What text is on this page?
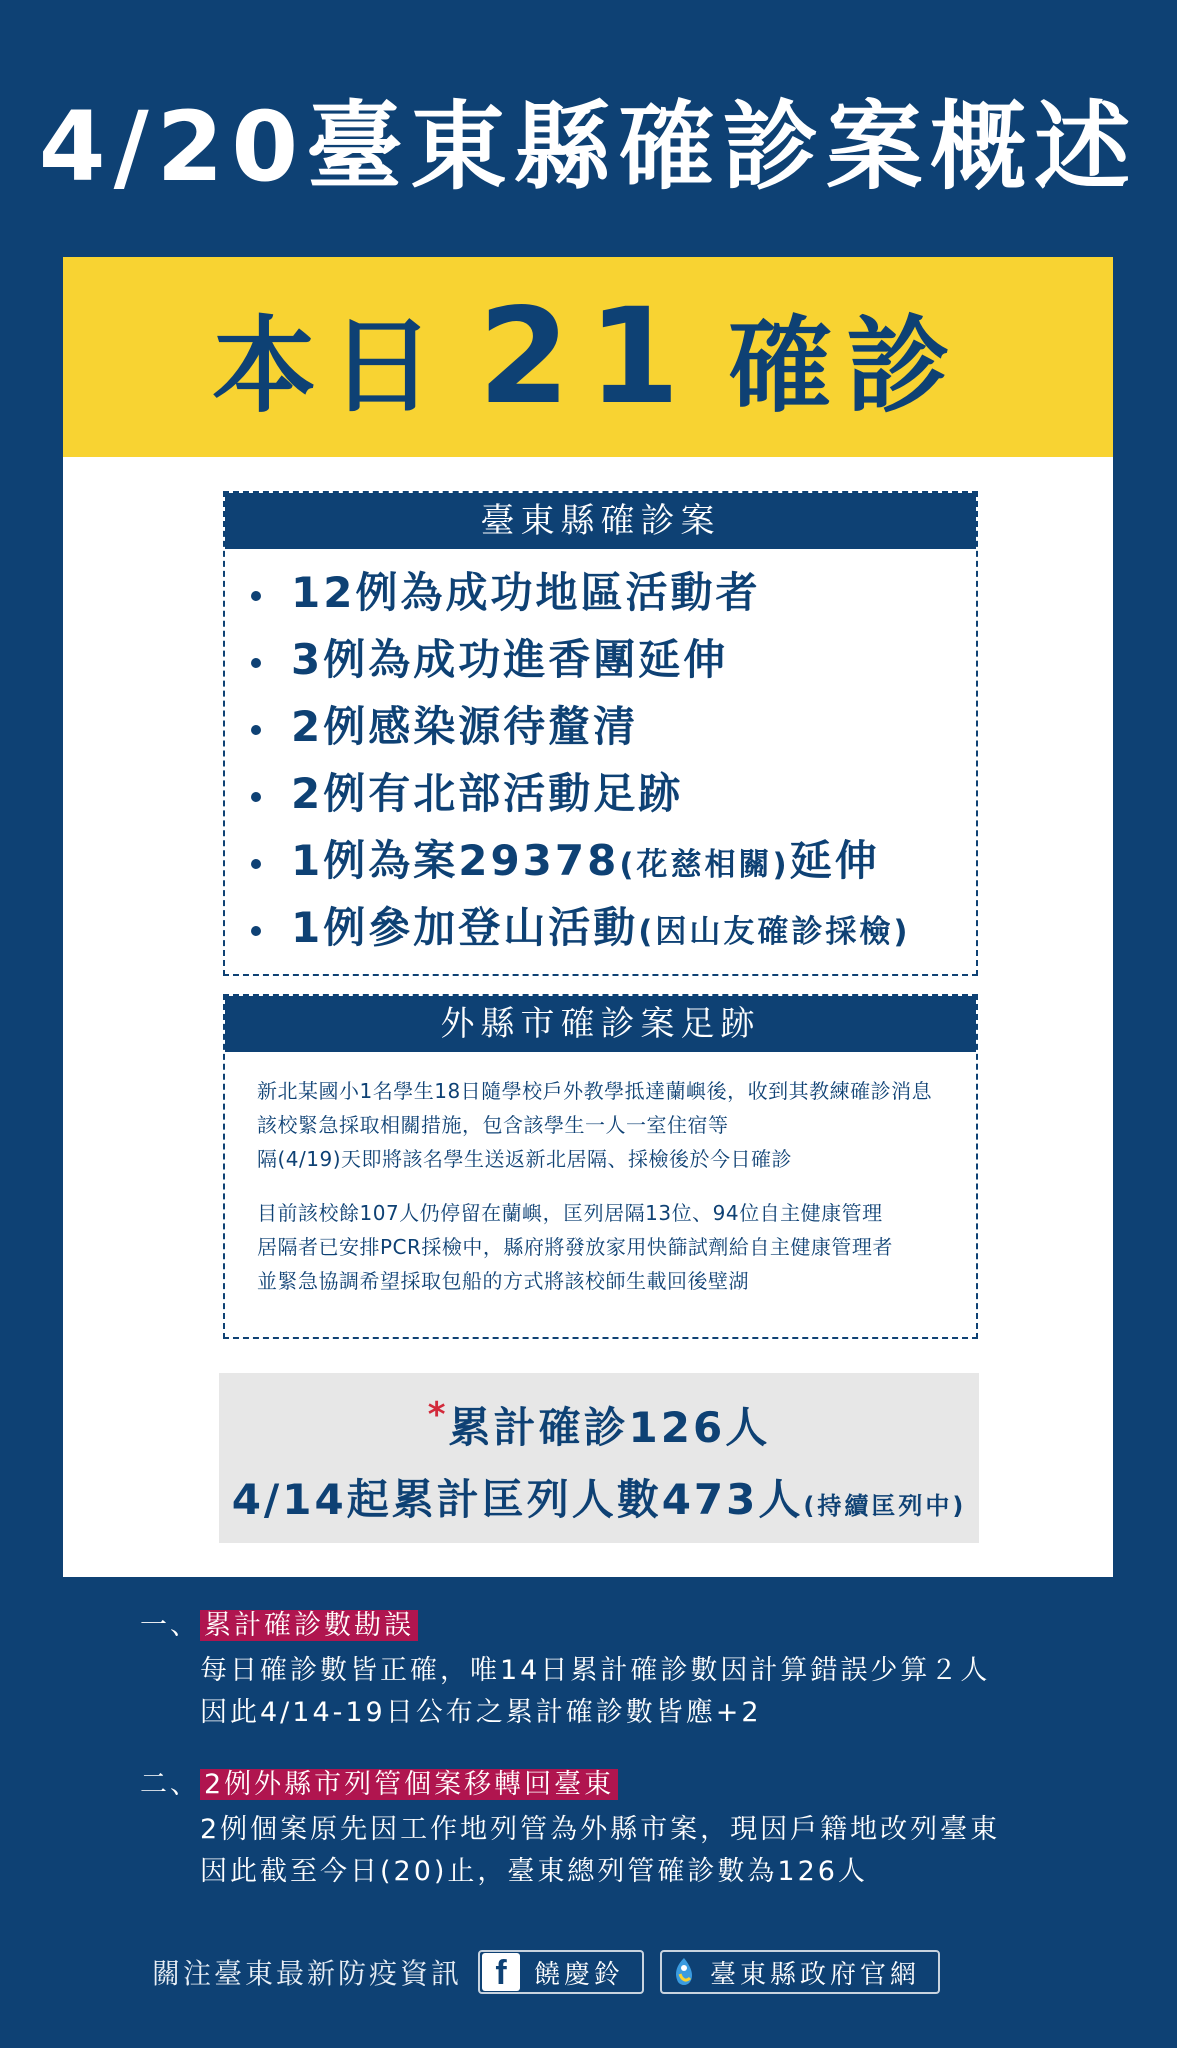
4/20臺東縣確診案概述
本日 21 確診
臺東縣確診案
12例為成功地區活動者
3例為成功進香團延伸
2例感染源待釐清
2例有北部活動足跡
1例為案29378(花慈相關)延伸
1例參加登山活動(因山友確診採檢)
外縣市確診案足跡
新北某國小1名學生18日隨學校戶外教學抵達蘭嶼後，收到其教練確診消息
該校緊急採取相關措施，包含該學生一人一室住宿等
隔(4/19)天即將該名學生送返新北居隔、採檢後於今日確診
目前該校餘107人仍停留在蘭嶼，匡列居隔13位、94位自主健康管理
居隔者已安排PCR採檢中，縣府將發放家用快篩試劑給自主健康管理者
並緊急協調希望採取包船的方式將該校師生載回後壁湖
*累計確診126人
4/14起累計匡列人數473人(持續匡列中)
一、 累計確診數勘誤
每日確診數皆正確，唯14日累計確診數因計算錯誤少算２人
因此4/14-19日公布之累計確診數皆應+2
二、 2例外縣市列管個案移轉回臺東
2例個案原先因工作地列管為外縣市案，現因戶籍地改列臺東
因此截至今日(20)止，臺東總列管確診數為126人
關注臺東最新防疫資訊 f	饒慶鈴	臺東縣政府官網
